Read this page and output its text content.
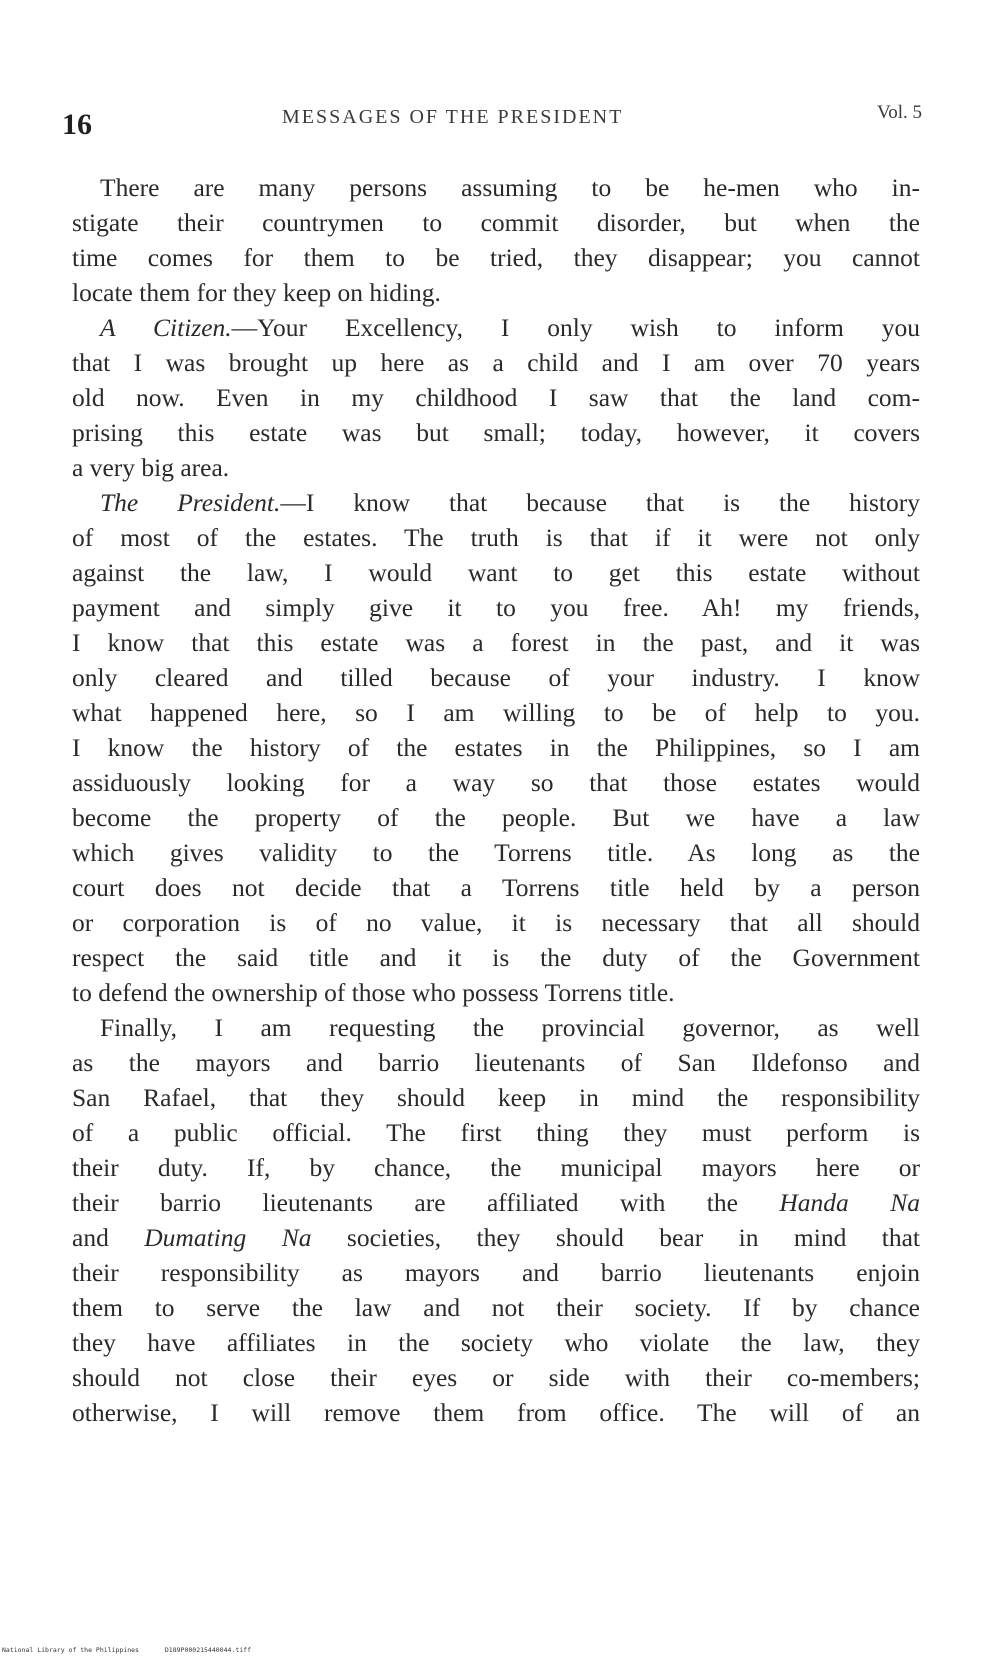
16	MESSAGES OF THE PRESIDENT	Vol. 5
There are many persons assuming to be he-men who in-
stigate their countrymen to commit disorder, but when the
time comes for them to be tried, they disappear; you cannot
locate them for they keep on hiding.
A Citizen.—Your Excellency, I only wish to inform you
that I was brought up here as a child and I am over 70 years
old now. Even in my childhood I saw that the land com-
prising this estate was but small; today, however, it covers
a very big area.
The President.—I know that because that is the history
of most of the estates. The truth is that if it were not only
against the law, I would want to get this estate without
payment and simply give it to you free. Ah! my friends,
I know that this estate was a forest in the past, and it was
only cleared and tilled because of your industry. I know
what happened here, so I am willing to be of help to you.
I know the history of the estates in the Philippines, so I am
assiduously looking for a way so that those estates would
become the property of the people. But we have a law
which gives validity to the Torrens title. As long as the
court does not decide that a Torrens title held by a person
or corporation is of no value, it is necessary that all should
respect the said title and it is the duty of the Government
to defend the ownership of those who possess Torrens title.
Finally, I am requesting the provincial governor, as well
as the mayors and barrio lieutenants of San Ildefonso and
San Rafael, that they should keep in mind the responsibility
of a public official. The first thing they must perform is
their duty. If, by chance, the municipal mayors here or
their barrio lieutenants are affiliated with the Handa Na
and Dumating Na societies, they should bear in mind that
their responsibility as mayors and barrio lieutenants enjoin
them to serve the law and not their society. If by chance
they have affiliates in the society who violate the law, they
should not close their eyes or side with their co-members;
otherwise, I will remove them from office. The will of an
National Library of the Philippines	D189P000215440044.tiff
